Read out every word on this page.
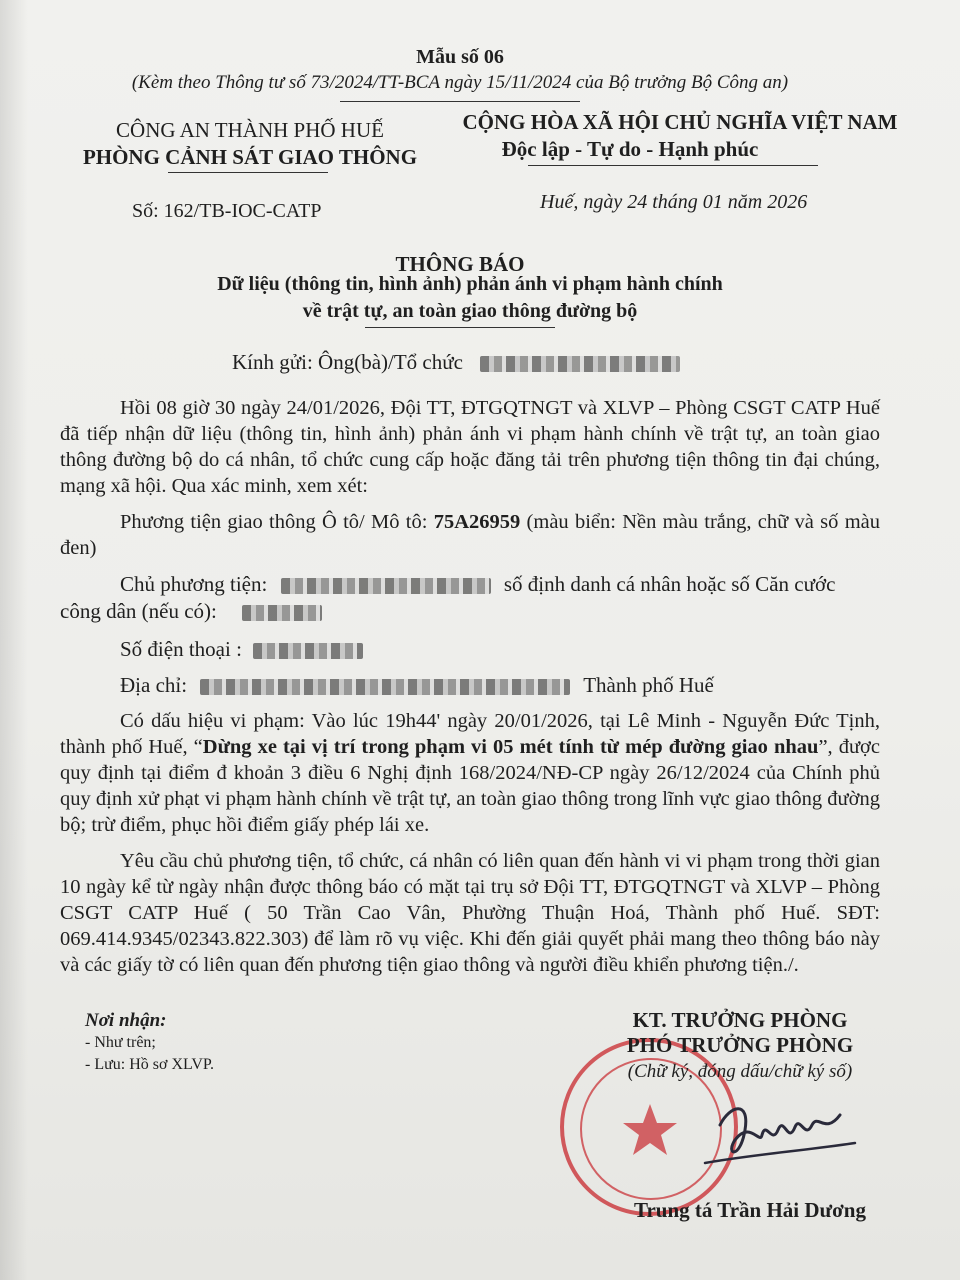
Mẫu số 06
(Kèm theo Thông tư số 73/2024/TT-BCA ngày 15/11/2024 của Bộ trưởng Bộ Công an)
CÔNG AN THÀNH PHỐ HUẾ
PHÒNG CẢNH SÁT GIAO THÔNG
Số: 162/TB-IOC-CATP
CỘNG HÒA XÃ HỘI CHỦ NGHĨA VIỆT NAM
Độc lập - Tự do - Hạnh phúc
Huế, ngày 24 tháng 01 năm 2026
THÔNG BÁO
Dữ liệu (thông tin, hình ảnh) phản ánh vi phạm hành chính
về trật tự, an toàn giao thông đường bộ
Kính gửi: Ông(bà)/Tổ chức
Hồi 08 giờ 30 ngày 24/01/2026, Đội TT, ĐTGQTNGT và XLVP – Phòng CSGT CATP Huế đã tiếp nhận dữ liệu (thông tin, hình ảnh) phản ánh vi phạm hành chính về trật tự, an toàn giao thông đường bộ do cá nhân, tổ chức cung cấp hoặc đăng tải trên phương tiện thông tin đại chúng, mạng xã hội. Qua xác minh, xem xét:
Phương tiện giao thông Ô tô/ Mô tô: 75A26959 (màu biển: Nền màu trắng, chữ và số màu đen)
Chủ phương tiện:	số định danh cá nhân hoặc số Căn cước
công dân (nếu có):
Số điện thoại :
Địa chỉ:	Thành phố Huế
Có dấu hiệu vi phạm: Vào lúc 19h44' ngày 20/01/2026, tại Lê Minh - Nguyễn Đức Tịnh, thành phố Huế, “Dừng xe tại vị trí trong phạm vi 05 mét tính từ mép đường giao nhau”, được quy định tại điểm đ khoản 3 điều 6 Nghị định 168/2024/NĐ-CP ngày 26/12/2024 của Chính phủ quy định xử phạt vi phạm hành chính về trật tự, an toàn giao thông trong lĩnh vực giao thông đường bộ; trừ điểm, phục hồi điểm giấy phép lái xe.
Yêu cầu chủ phương tiện, tổ chức, cá nhân có liên quan đến hành vi vi phạm trong thời gian 10 ngày kể từ ngày nhận được thông báo có mặt tại trụ sở Đội TT, ĐTGQTNGT và XLVP – Phòng CSGT CATP Huế ( 50 Trần Cao Vân, Phường Thuận Hoá, Thành phố Huế. SĐT: 069.414.9345/02343.822.303) để làm rõ vụ việc. Khi đến giải quyết phải mang theo thông báo này và các giấy tờ có liên quan đến phương tiện giao thông và người điều khiển phương tiện./.
Nơi nhận:
- Như trên;
- Lưu: Hồ sơ XLVP.
KT. TRƯỞNG PHÒNG
PHÓ TRƯỞNG PHÒNG
(Chữ ký, đóng dấu/chữ ký số)
Trung tá Trần Hải Dương
